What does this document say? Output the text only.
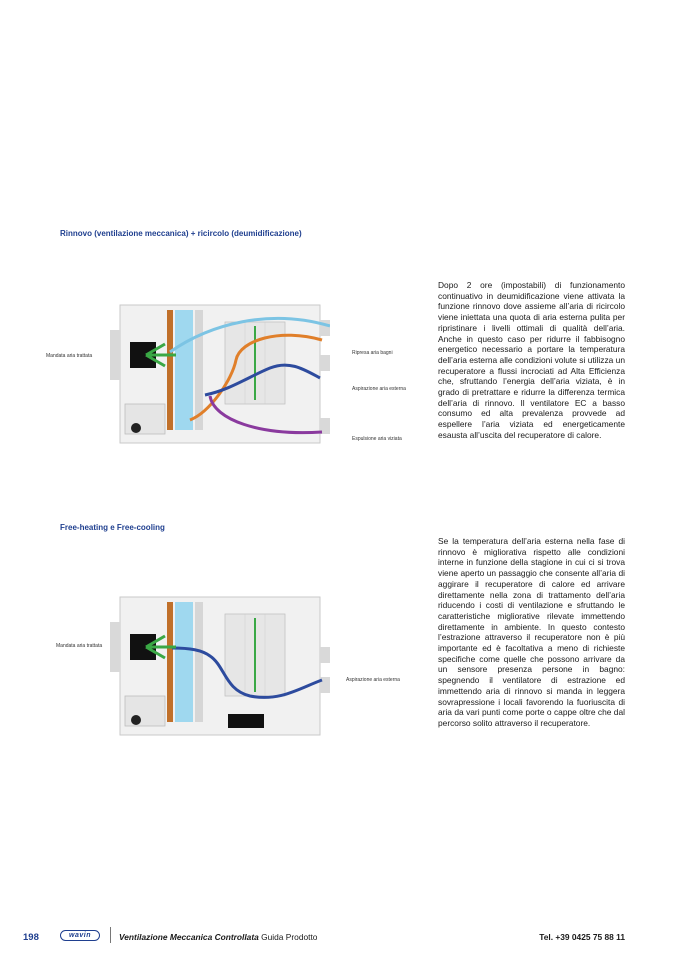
Rinnovo (ventilazione meccanica) + ricircolo (deumidificazione)

Dopo 2 ore (impostabili) di funzionamento continuativo in deumidificazione viene attivata la funzione rinnovo dove assieme all’aria di ricircolo viene iniettata una quota di aria esterna pulita per ripristinare i livelli ottimali di qualità dell’aria. Anche in questo caso per ridurre il fabbisogno energetico necessario a portare la temperatura dell’aria esterna alle condizioni volute si utilizza un recuperatore a flussi incrociati ad Alta Efficienza che, sfruttando l’energia dell’aria viziata, è in grado di pretrattare e ridurre la differenza termica dell’aria di rinnovo. Il ventilatore EC a basso consumo ed alta prevalenza provvede ad espellere l’aria viziata ed energeticamente esausta all’uscita del recuperatore di calore.

Mandata aria trattata	Ripresa aria bagni
Aspirazione aria esterna
Espulsione aria viziata
Free-heating e Free-cooling

Se la temperatura dell’aria esterna nella fase di rinnovo è migliorativa rispetto alle condizioni interne in funzione della stagione in cui ci si trova viene aperto un passaggio che consente all’aria di aggirare il recuperatore di calore ed arrivare direttamente nella zona di trattamento dell’aria riducendo i costi di ventilazione e sfruttando le caratteristiche migliorative rilevate immettendo direttamente in ambiente. In questo contesto l’estrazione attraverso il recuperatore non è più importante ed è facoltativa a meno di richieste specifiche come quelle che possono arrivare da un sensore presenza persone in bagno: spegnendo il ventilatore di estrazione ed immettendo aria di rinnovo si manda in leggera sovrapressione i locali favorendo la fuoriuscita di aria da vari punti come porte o cappe oltre che dal percorso solito attraverso il recuperatore.

Mandata aria trattata
Aspirazione aria esterna
198	wavin	Ventilazione Meccanica Controllata Guida Prodotto	Tel. +39 0425 75 88 11
